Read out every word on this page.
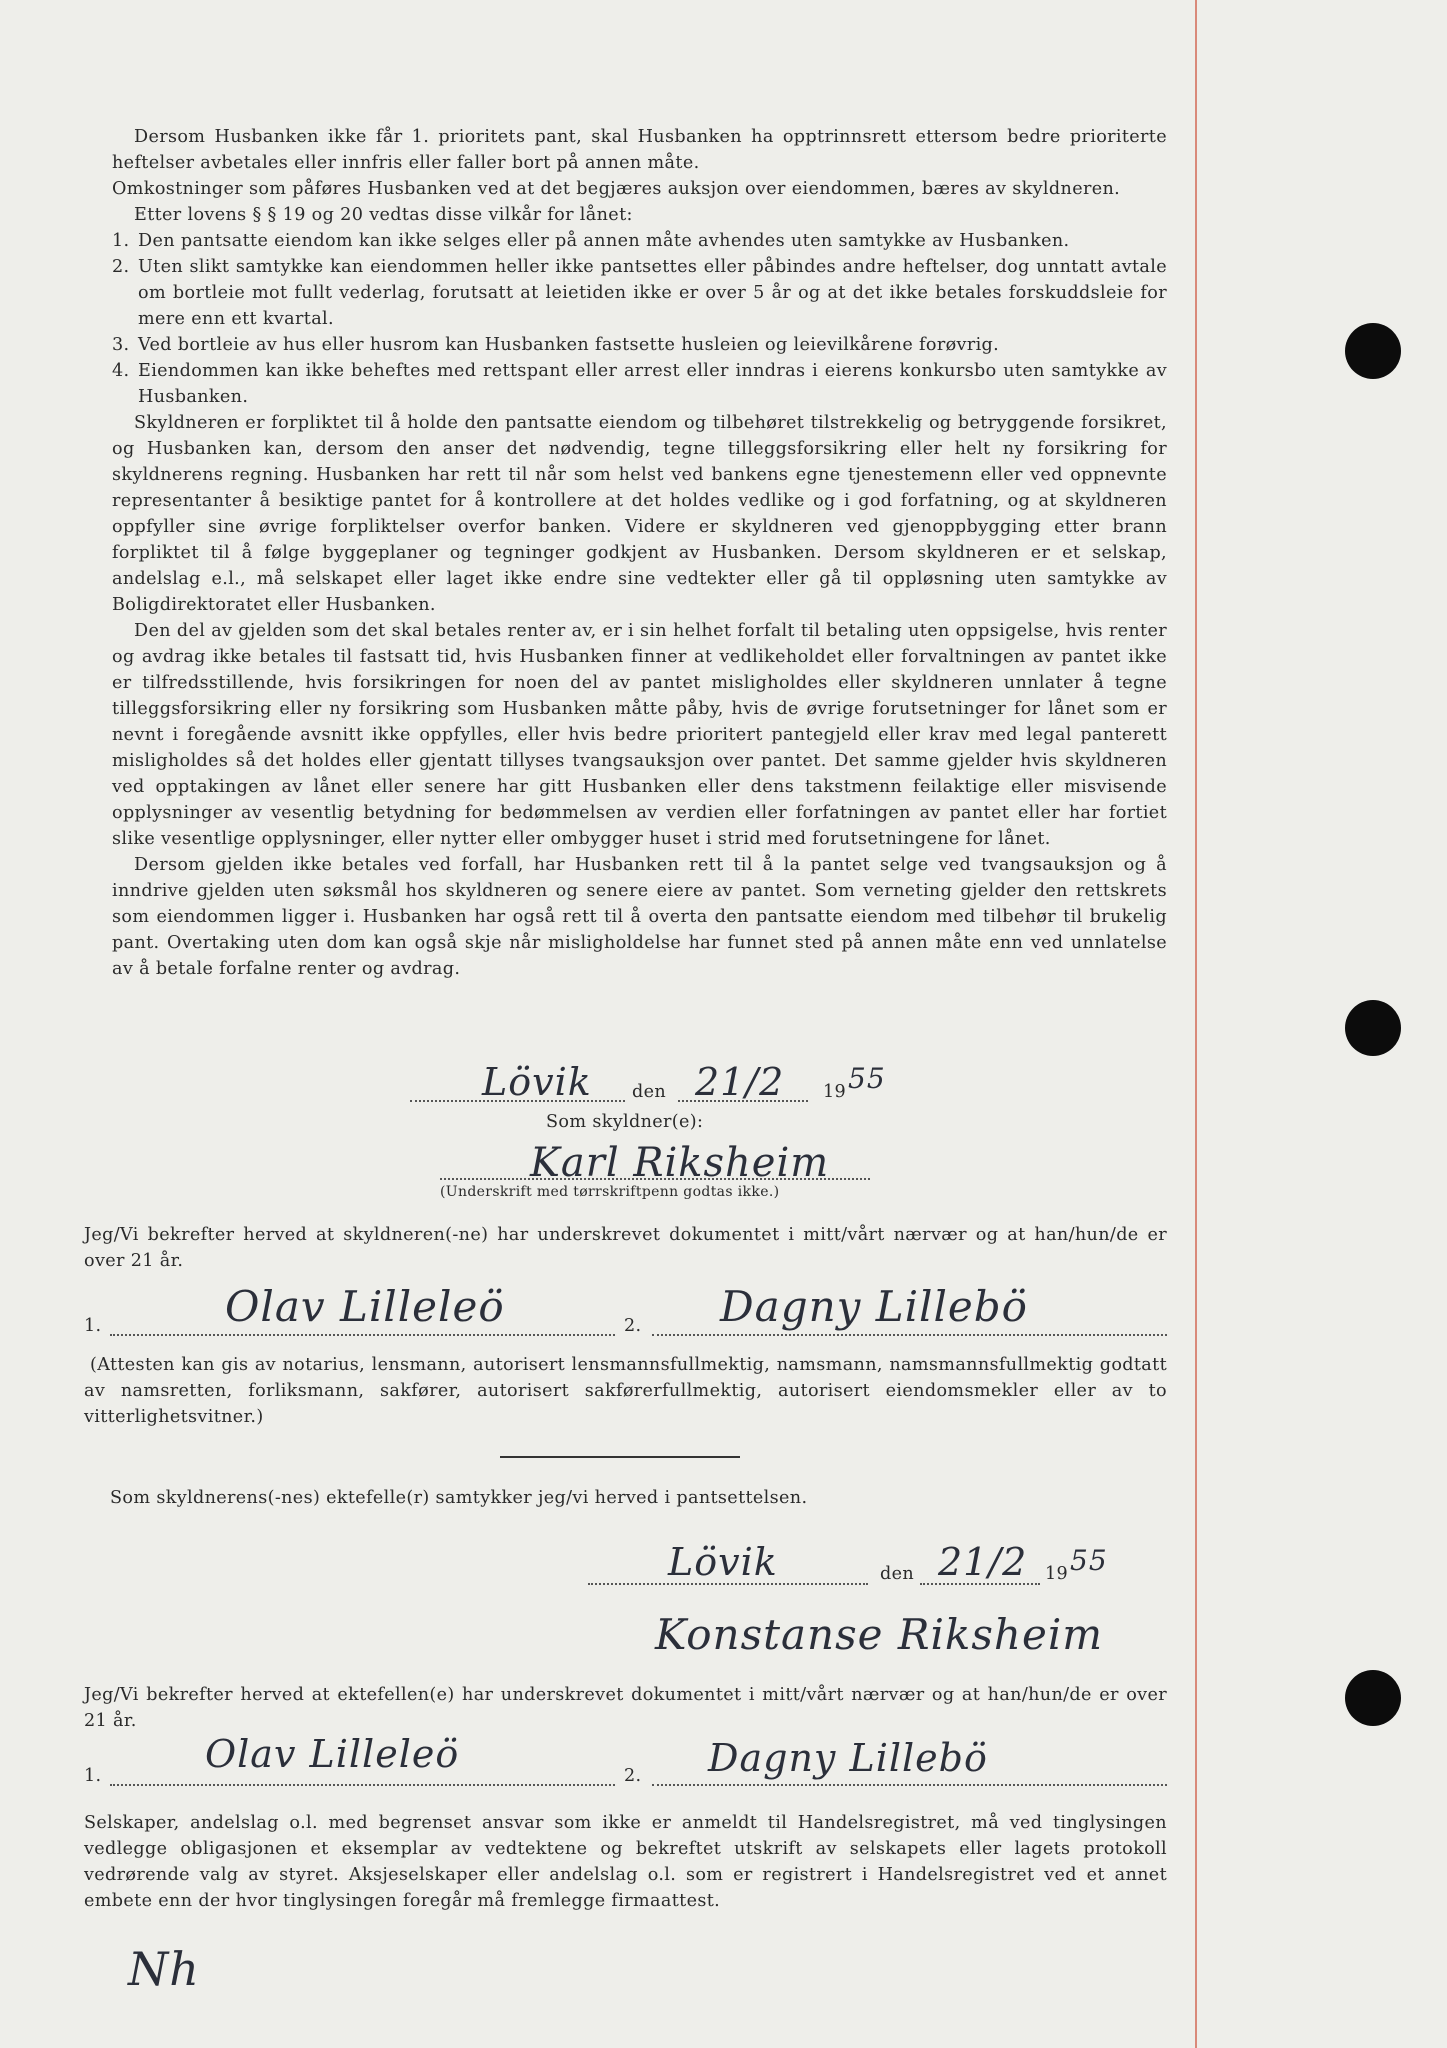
Dersom Husbanken ikke får 1. prioritets pant, skal Husbanken ha opptrinnsrett ettersom bedre prioriterte heftelser avbetales eller innfris eller faller bort på annen måte.

Omkostninger som påføres Husbanken ved at det begjæres auksjon over eiendommen, bæres av skyldneren.

Etter lovens § § 19 og 20 vedtas disse vilkår for lånet:

1. Den pantsatte eiendom kan ikke selges eller på annen måte avhendes uten samtykke av Husbanken.
2. Uten slikt samtykke kan eiendommen heller ikke pantsettes eller påbindes andre heftelser, dog unntatt avtale om bortleie mot fullt vederlag, forutsatt at leietiden ikke er over 5 år og at det ikke betales forskuddsleie for mere enn ett kvartal.
3. Ved bortleie av hus eller husrom kan Husbanken fastsette husleien og leievilkårene forøvrig.
4. Eiendommen kan ikke beheftes med rettspant eller arrest eller inndras i eierens konkursbo uten samtykke av Husbanken.

Skyldneren er forpliktet til å holde den pantsatte eiendom og tilbehøret tilstrekkelig og betryggende forsikret, og Husbanken kan, dersom den anser det nødvendig, tegne tilleggsforsikring eller helt ny forsikring for skyldnerens regning. Husbanken har rett til når som helst ved bankens egne tjenestemenn eller ved oppnevnte representanter å besiktige pantet for å kontrollere at det holdes vedlike og i god forfatning, og at skyldneren oppfyller sine øvrige forpliktelser overfor banken. Videre er skyldneren ved gjenoppbygging etter brann forpliktet til å følge byggeplaner og tegninger godkjent av Husbanken. Dersom skyldneren er et selskap, andelslag e.l., må selskapet eller laget ikke endre sine vedtekter eller gå til oppløsning uten samtykke av Boligdirektoratet eller Husbanken.

Den del av gjelden som det skal betales renter av, er i sin helhet forfalt til betaling uten oppsigelse, hvis renter og avdrag ikke betales til fastsatt tid, hvis Husbanken finner at vedlikeholdet eller forvaltningen av pantet ikke er tilfredsstillende, hvis forsikringen for noen del av pantet misligholdes eller skyldneren unnlater å tegne tilleggsforsikring eller ny forsikring som Husbanken måtte påby, hvis de øvrige forutsetninger for lånet som er nevnt i foregående avsnitt ikke oppfylles, eller hvis bedre prioritert pantegjeld eller krav med legal panterett misligholdes så det holdes eller gjentatt tillyses tvangsauksjon over pantet. Det samme gjelder hvis skyldneren ved opptakingen av lånet eller senere har gitt Husbanken eller dens takstmenn feilaktige eller misvisende opplysninger av vesentlig betydning for bedømmelsen av verdien eller forfatningen av pantet eller har fortiet slike vesentlige opplysninger, eller nytter eller ombygger huset i strid med forutsetningene for lånet.

Dersom gjelden ikke betales ved forfall, har Husbanken rett til å la pantet selge ved tvangsauksjon og å inndrive gjelden uten søksmål hos skyldneren og senere eiere av pantet. Som verneting gjelder den rettskrets som eiendommen ligger i. Husbanken har også rett til å overta den pantsatte eiendom med tilbehør til brukelig pant. Overtaking uten dom kan også skje når misligholdelse har funnet sted på annen måte enn ved unnlatelse av å betale forfalne renter og avdrag.

Lövik den 21/2 19 55
Som skyldner(e):
Karl Riksheim
(Underskrift med tørrskriftpenn godtas ikke.)
Jeg/Vi bekrefter herved at skyldneren(-ne) har underskrevet dokumentet i mitt/vårt nærvær og at han/hun/de er over 21 år.
1.	Olav Lilleleö	2. Dagny Lillebö
(Attesten kan gis av notarius, lensmann, autorisert lensmannsfullmektig, namsmann, namsmannsfullmektig godtatt av namsretten, forliksmann, sakfører, autorisert sakførerfullmektig, autorisert eiendomsmekler eller av to vitterlighetsvitner.)
Som skyldnerens(-nes) ektefelle(r) samtykker jeg/vi herved i pantsettelsen.
Lövik	den 21/2 19 55
Konstanse Riksheim
Jeg/Vi bekrefter herved at ektefellen(e) har underskrevet dokumentet i mitt/vårt nærvær og at han/hun/de er over 21 år.
1.	Olav Lilleleö	2. Dagny Lillebö
Selskaper, andelslag o.l. med begrenset ansvar som ikke er anmeldt til Handelsregistret, må ved tinglysingen vedlegge obligasjonen et eksemplar av vedtektene og bekreftet utskrift av selskapets eller lagets protokoll vedrørende valg av styret. Aksjeselskaper eller andelslag o.l. som er registrert i Handelsregistret ved et annet embete enn der hvor tinglysingen foregår må fremlegge firmaattest.
Nh
